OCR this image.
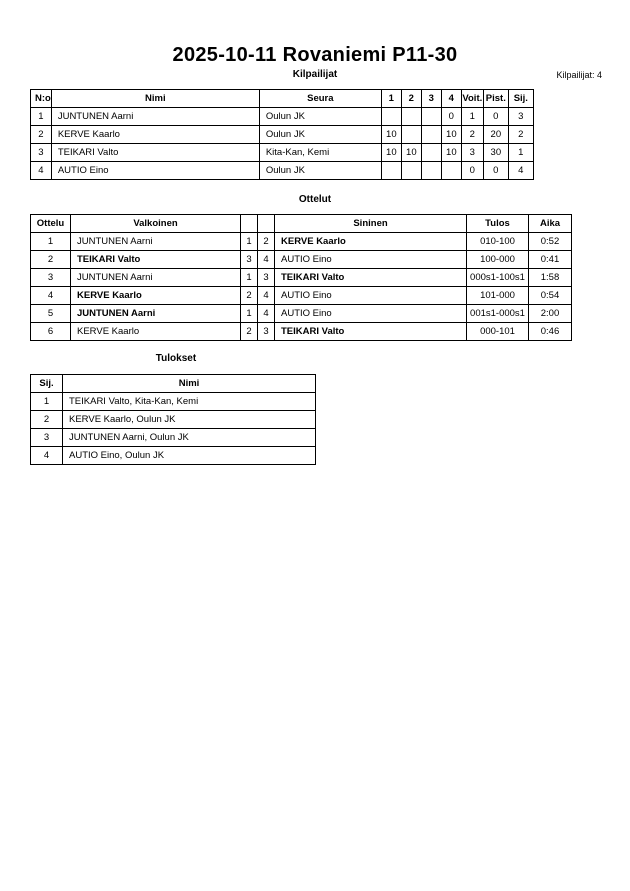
2025-10-11 Rovaniemi P11-30
Kilpailijat	Kilpailijat: 4
N:o	Nimi	Seura	1	2	3	4	Voit.	Pist.	Sij.
1	JUNTUNEN Aarni	Oulun JK				0	1	0	3
2	KERVE Kaarlo	Oulun JK	10			10	2	20	2
3	TEIKARI Valto	Kita-Kan, Kemi	10	10		10	3	30	1
4	AUTIO Eino	Oulun JK					0	0	4
Ottelut
Ottelu	Valkoinen			Sininen	Tulos	Aika
1	JUNTUNEN Aarni	1	2	KERVE Kaarlo	010-100	0:52
2	TEIKARI Valto	3	4	AUTIO Eino	100-000	0:41
3	JUNTUNEN Aarni	1	3	TEIKARI Valto	000s1-100s1	1:58
4	KERVE Kaarlo	2	4	AUTIO Eino	101-000	0:54
5	JUNTUNEN Aarni	1	4	AUTIO Eino	001s1-000s1	2:00
6	KERVE Kaarlo	2	3	TEIKARI Valto	000-101	0:46
Tulokset
Sij.	Nimi
1	TEIKARI Valto, Kita-Kan, Kemi
2	KERVE Kaarlo, Oulun JK
3	JUNTUNEN Aarni, Oulun JK
4	AUTIO Eino, Oulun JK
